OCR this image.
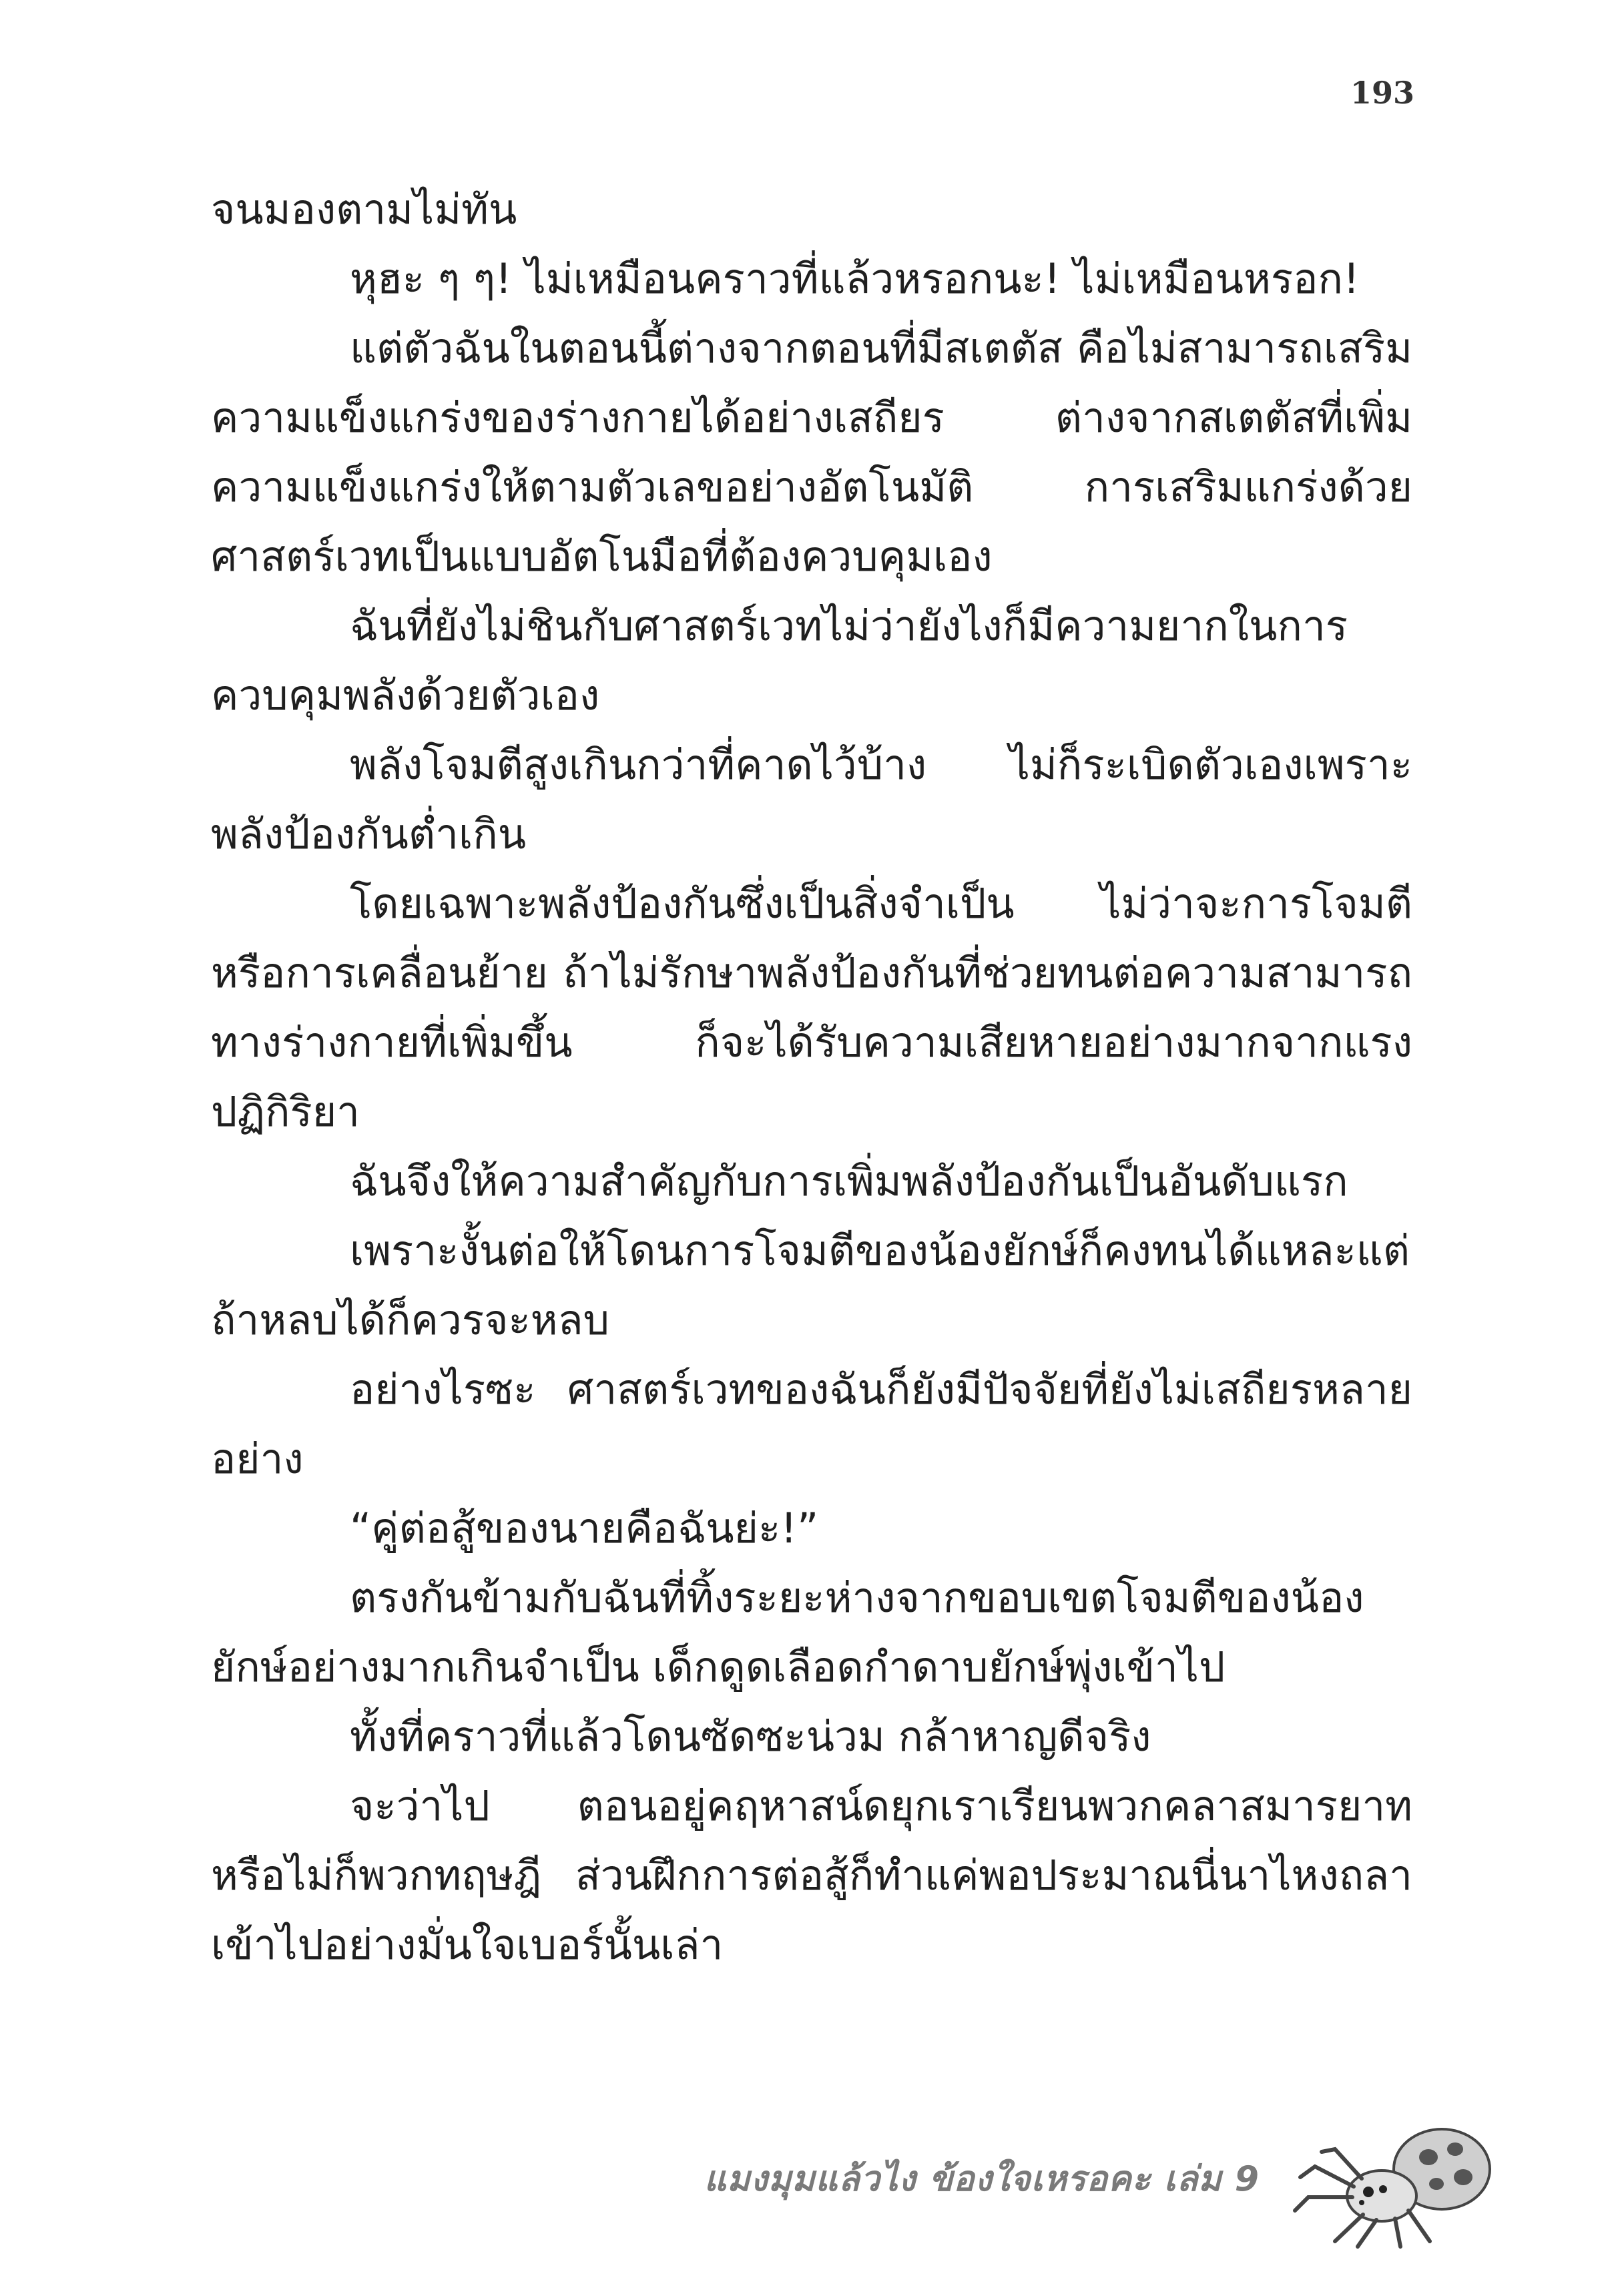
193

จนมองตามไม่ทัน

หุฮะ ๆ ๆ! ไม่เหมือนคราวที่แล้วหรอกนะ! ไม่เหมือนหรอก!

แต่ตัวฉันในตอนนี้ต่างจากตอนที่มีสเตตัส คือไม่สามารถเสริมความแข็งแกร่งของร่างกายได้อย่างเสถียร ต่างจากสเตตัสที่เพิ่มความแข็งแกร่งให้ตามตัวเลขอย่างอัตโนมัติ การเสริมแกร่งด้วยศาสตร์เวทเป็นแบบอัตโนมือที่ต้องควบคุมเอง

ฉันที่ยังไม่ชินกับศาสตร์เวทไม่ว่ายังไงก็มีความยากในการควบคุมพลังด้วยตัวเอง

พลังโจมตีสูงเกินกว่าที่คาดไว้บ้าง ไม่ก็ระเบิดตัวเองเพราะพลังป้องกันต่ำเกิน

โดยเฉพาะพลังป้องกันซึ่งเป็นสิ่งจำเป็น ไม่ว่าจะการโจมตีหรือการเคลื่อนย้าย ถ้าไม่รักษาพลังป้องกันที่ช่วยทนต่อความสามารถทางร่างกายที่เพิ่มขึ้น ก็จะได้รับความเสียหายอย่างมากจากแรงปฏิกิริยา

ฉันจึงให้ความสำคัญกับการเพิ่มพลังป้องกันเป็นอันดับแรก

เพราะงั้นต่อให้โดนการโจมตีของน้องยักษ์ก็คงทนได้แหละแต่ถ้าหลบได้ก็ควรจะหลบ

อย่างไรซะ ศาสตร์เวทของฉันก็ยังมีปัจจัยที่ยังไม่เสถียรหลายอย่าง

“คู่ต่อสู้ของนายคือฉันย่ะ!”

ตรงกันข้ามกับฉันที่ทิ้งระยะห่างจากขอบเขตโจมตีของน้องยักษ์อย่างมากเกินจำเป็น เด็กดูดเลือดกำดาบยักษ์พุ่งเข้าไป

ทั้งที่คราวที่แล้วโดนซัดซะน่วม กล้าหาญดีจริง

จะว่าไป ตอนอยู่คฤหาสน์ดยุกเราเรียนพวกคลาสมารยาทหรือไม่ก็พวกทฤษฎี ส่วนฝึกการต่อสู้ก็ทำแค่พอประมาณนี่นาไหงถลาเข้าไปอย่างมั่นใจเบอร์นั้นเล่า

แมงมุมแล้วไง ข้องใจเหรอคะ เล่ม 9
